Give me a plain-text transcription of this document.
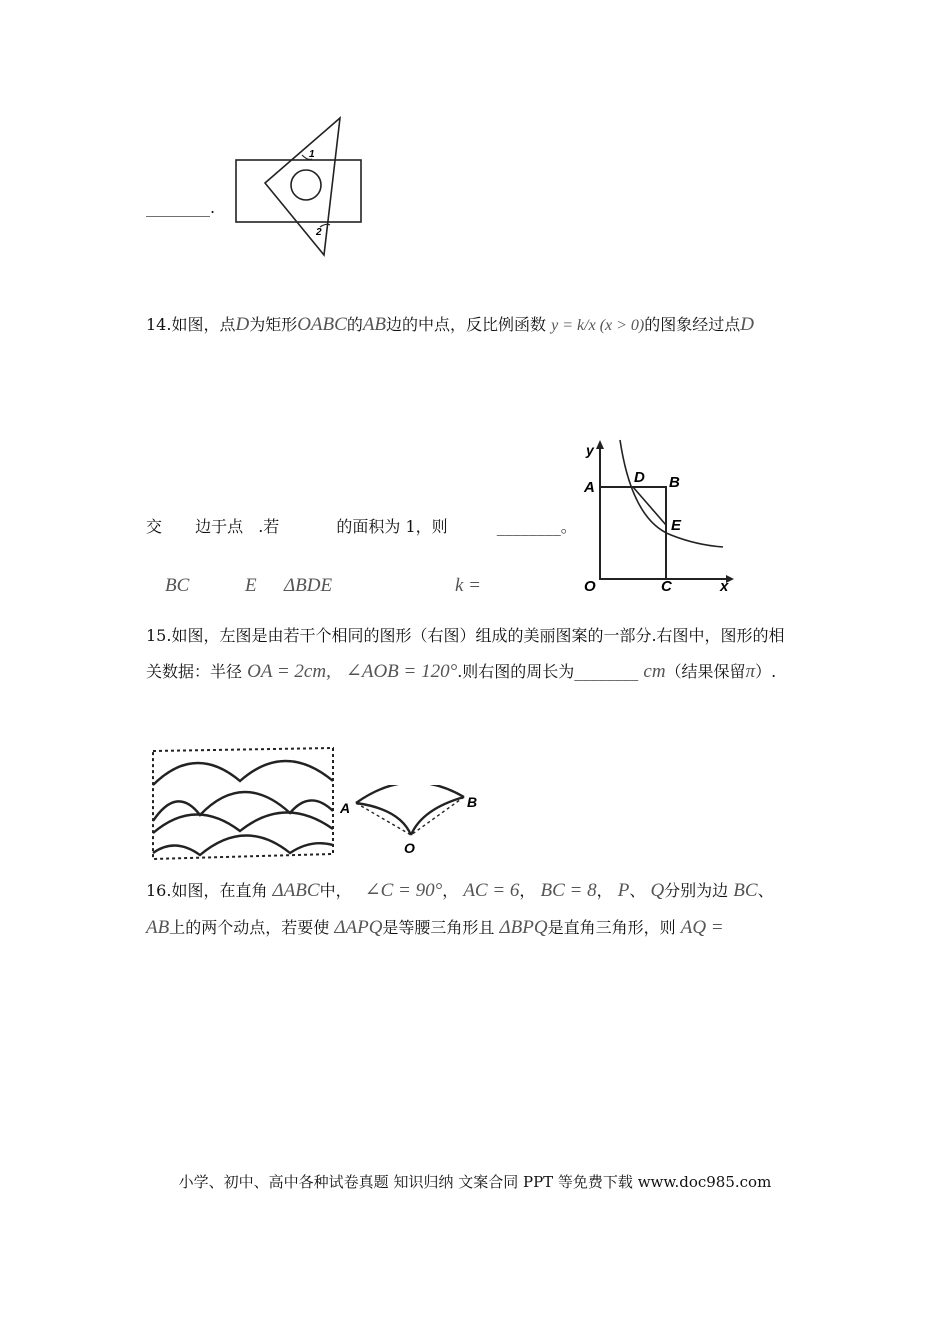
________.
1
2
14.如图，点D为矩形OABC的AB边的中点，反比例函数 y = k/x (x > 0)的图象经过点D
交 边于点 .若	的面积为 1，则	________。
BC	E ΔBDE	k =
y
x
O
A	B
C
D
E
15.如图，左图是由若干个相同的图形（右图）组成的美丽图案的一部分.右图中，图形的相
关数据：半径 OA = 2cm, ∠AOB = 120°.则右图的周长为________ cm（结果保留π）.
A	B
O
16.如图，在直角 ΔABC中， ∠C = 90°， AC = 6， BC = 8， P、 Q分别为边 BC、
AB上的两个动点，若要使 ΔAPQ是等腰三角形且 ΔBPQ是直角三角形，则 AQ =
小学、初中、高中各种试卷真题 知识归纳 文案合同 PPT 等免费下载 www.doc985.com
